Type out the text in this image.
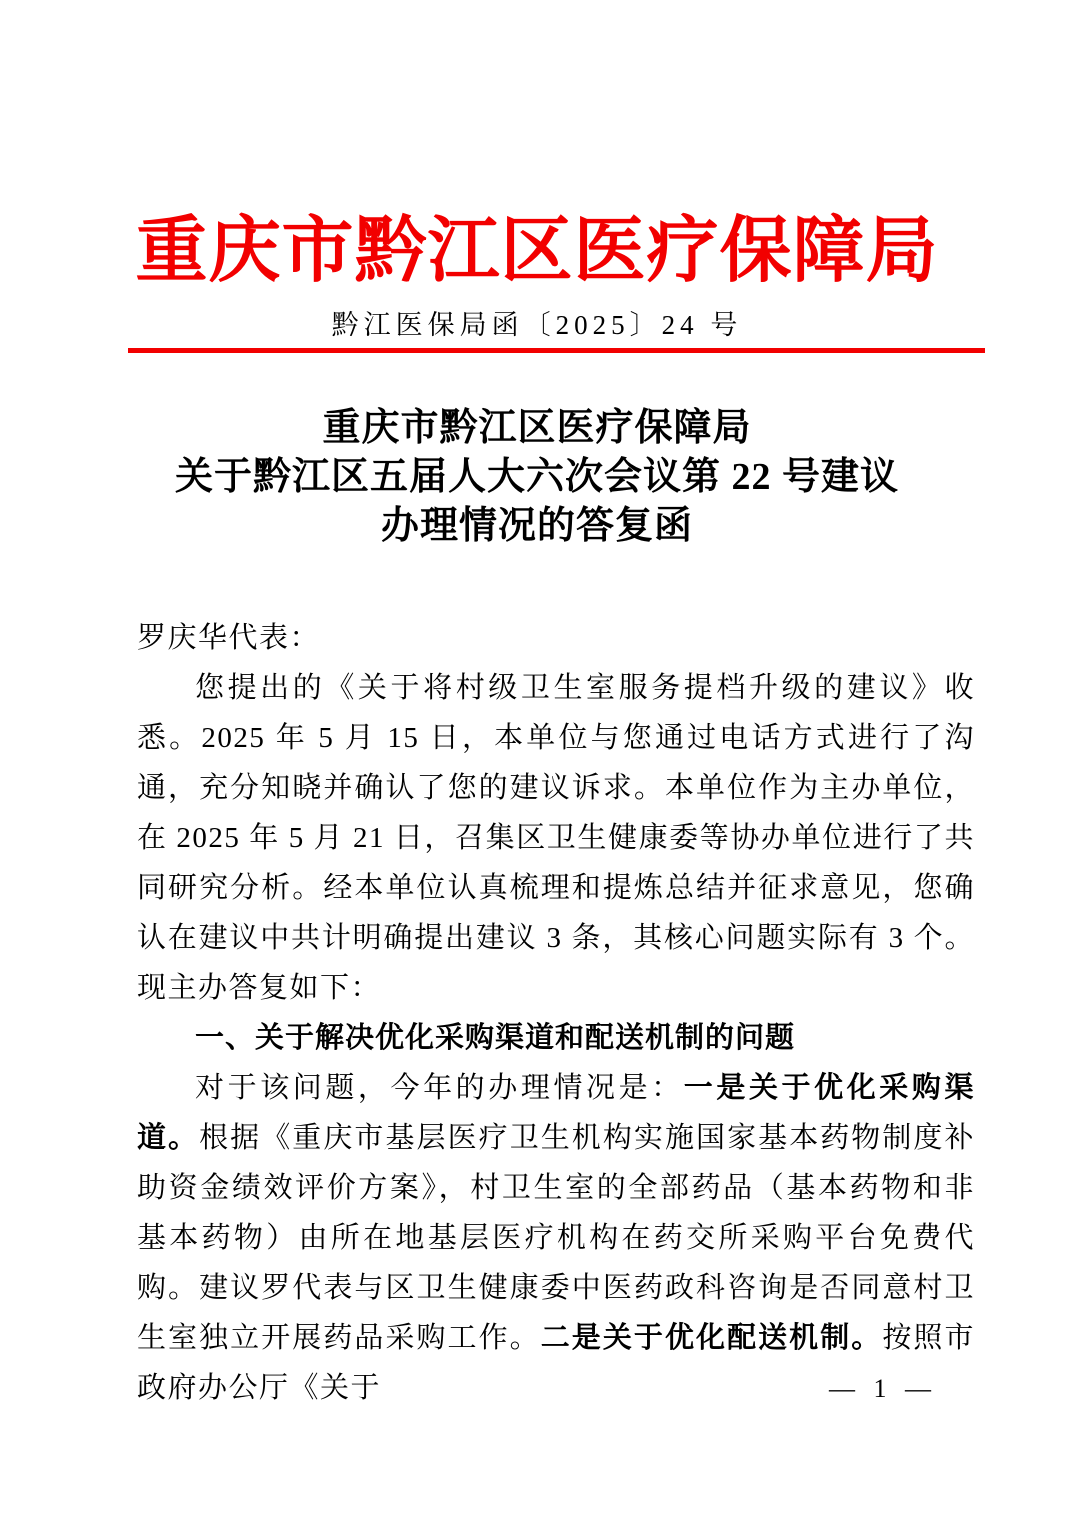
重庆市黔江区医疗保障局
黔江医保局函〔2025〕24 号
重庆市黔江区医疗保障局
关于黔江区五届人大六次会议第 22 号建议
办理情况的答复函

罗庆华代表：

您提出的《关于将村级卫生室服务提档升级的建议》收悉。2025 年 5 月 15 日，本单位与您通过电话方式进行了沟通，充分知晓并确认了您的建议诉求。本单位作为主办单位，在 2025 年 5 月 21 日，召集区卫生健康委等协办单位进行了共同研究分析。经本单位认真梳理和提炼总结并征求意见，您确认在建议中共计明确提出建议 3 条，其核心问题实际有 3 个。现主办答复如下：

一、关于解决优化采购渠道和配送机制的问题

对于该问题，今年的办理情况是：一是关于优化采购渠道。根据《重庆市基层医疗卫生机构实施国家基本药物制度补助资金绩效评价方案》，村卫生室的全部药品（基本药物和非基本药物）由所在地基层医疗机构在药交所采购平台免费代购。建议罗代表与区卫生健康委中医药政科咨询是否同意村卫生室独立开展药品采购工作。二是关于优化配送机制。按照市政府办公厅《关于	— 1 —
